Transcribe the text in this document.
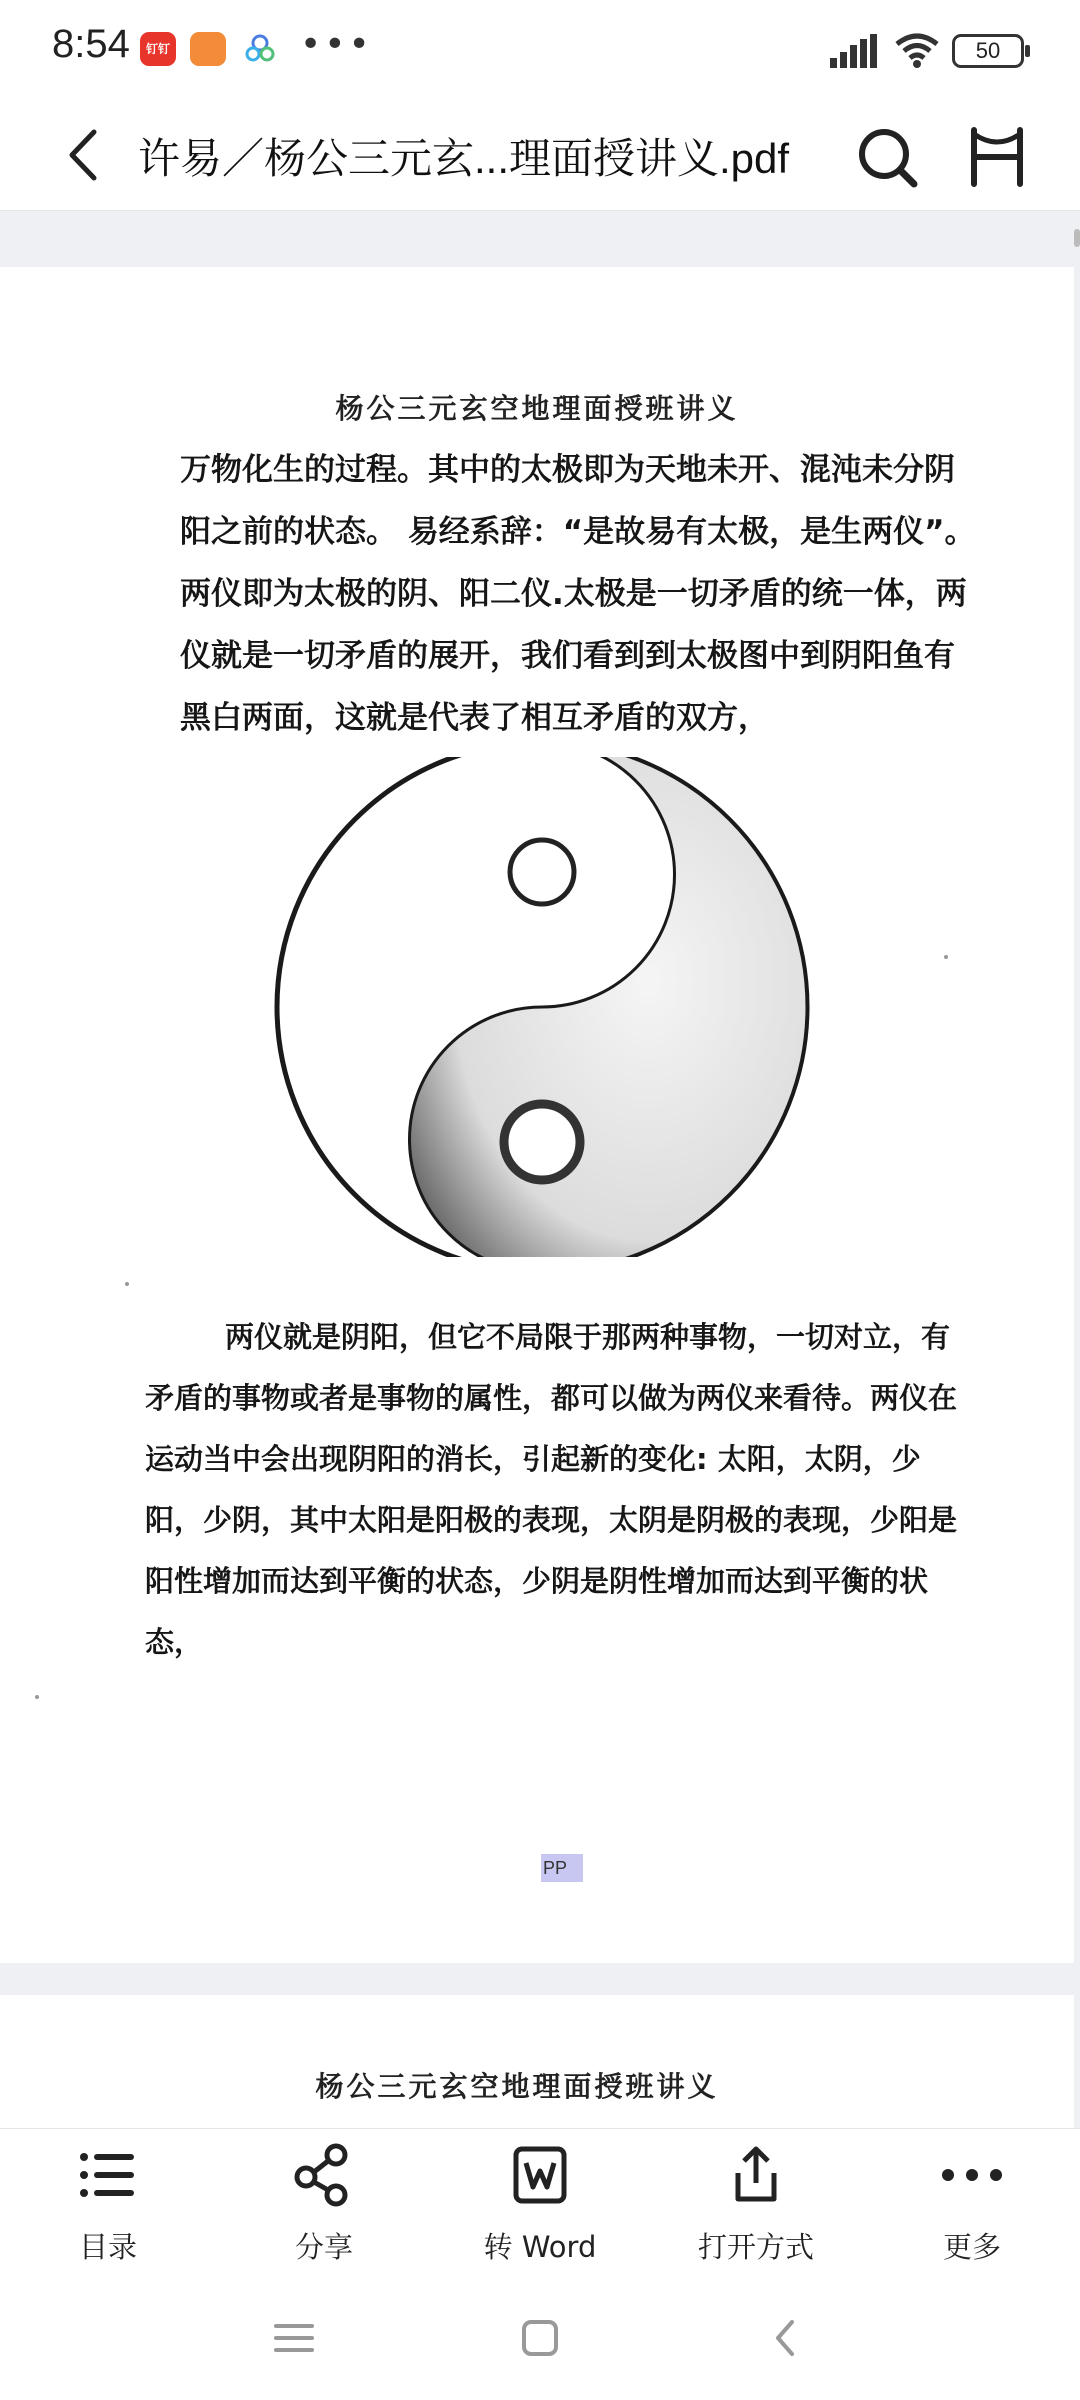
8:54	钉钉	•••	50
许易／杨公三元玄...理面授讲义.pdf
杨公三元玄空地理面授班讲义
万物化生的过程。其中的太极即为天地未开、混沌未分阴阳之前的状态。 易经系辞：“是故易有太极，是生两仪”。两仪即为太极的阴、阳二仪.太极是一切矛盾的统一体，两仪就是一切矛盾的展开，我们看到到太极图中到阴阳鱼有黑白两面，这就是代表了相互矛盾的双方，
两仪就是阴阳，但它不局限于那两种事物，一切对立，有矛盾的事物或者是事物的属性，都可以做为两仪来看待。两仪在运动当中会出现阴阳的消长，引起新的变化: 太阳，太阴，少阳，少阴，其中太阳是阳极的表现，太阴是阴极的表现，少阳是阳性增加而达到平衡的状态，少阴是阴性增加而达到平衡的状态，
PP
杨公三元玄空地理面授班讲义
目录	分享	转 Word	打开方式	更多
